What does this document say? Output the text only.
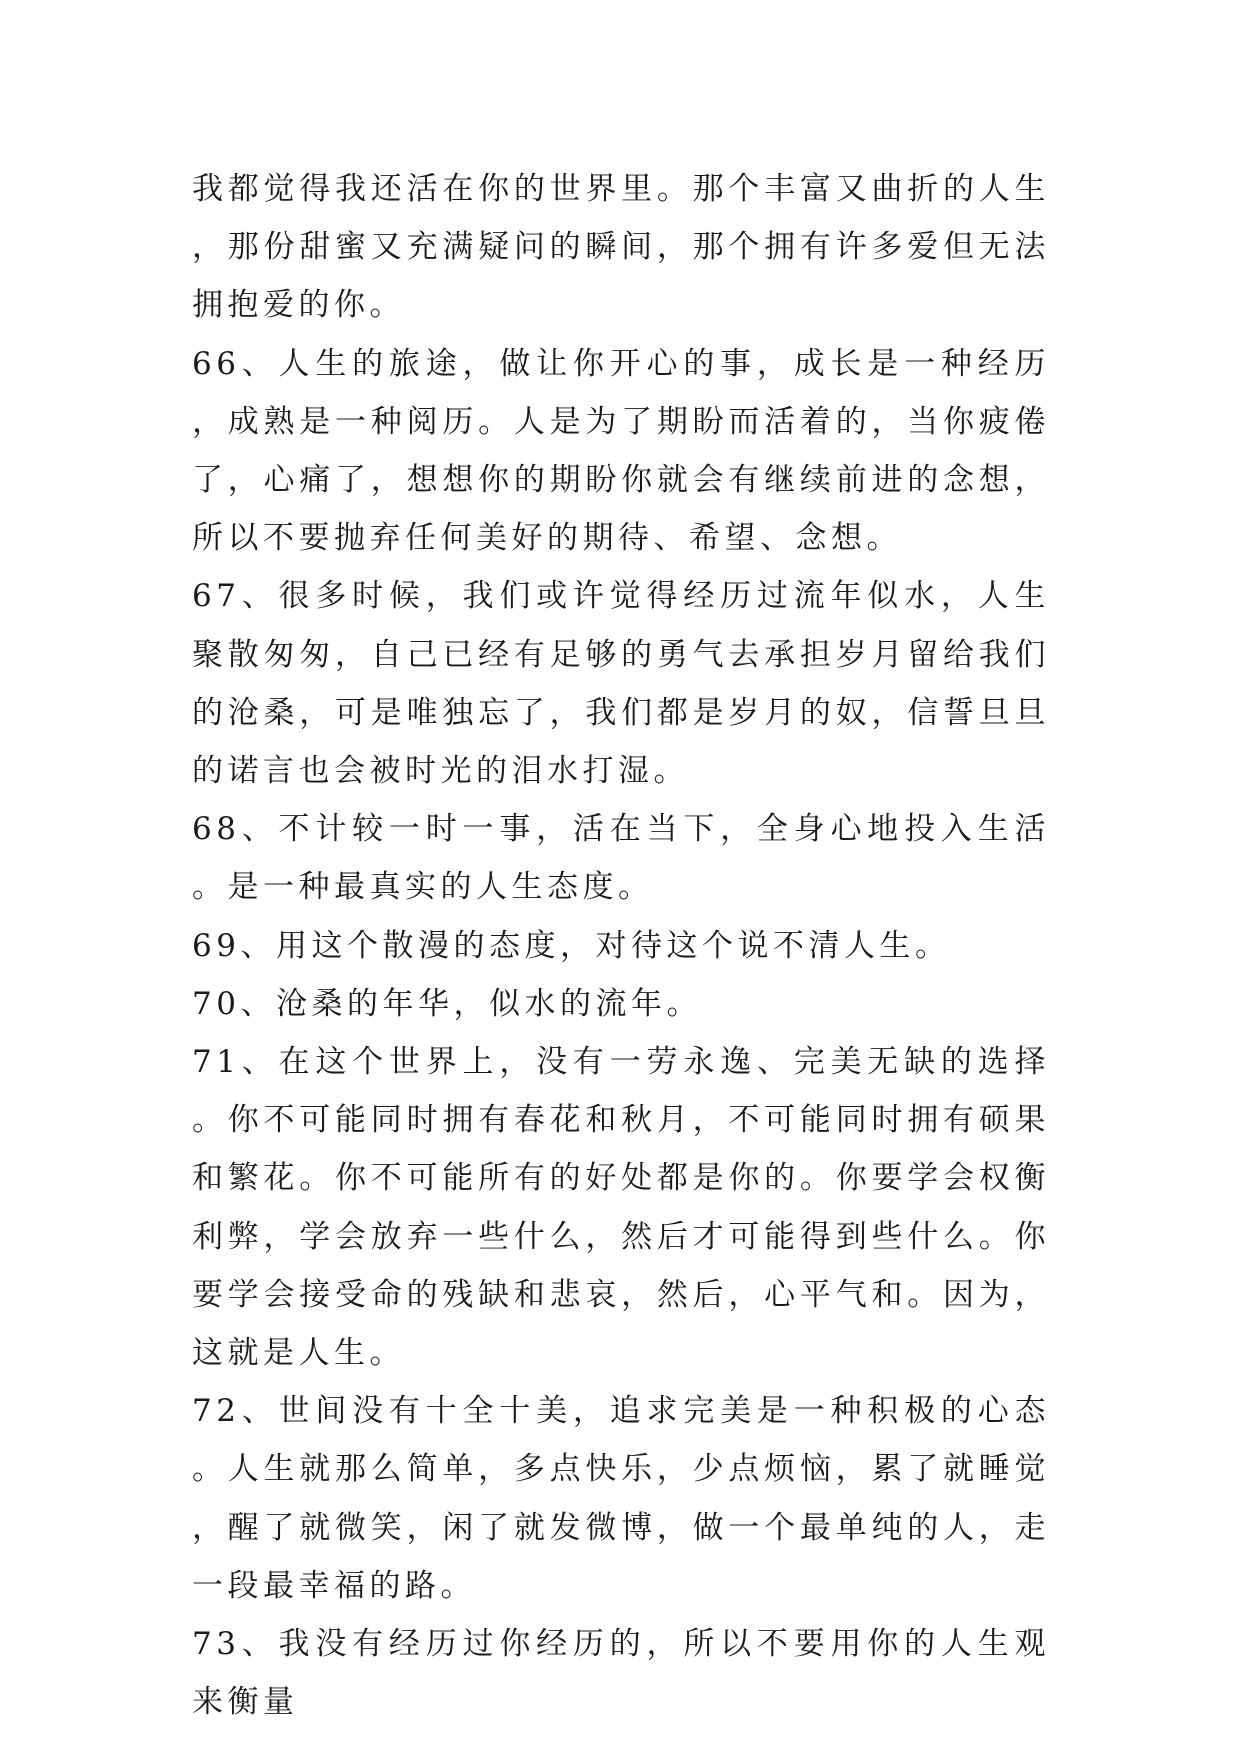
我都觉得我还活在你的世界里。那个丰富又曲折的人生，那份甜蜜又充满疑问的瞬间，那个拥有许多爱但无法拥抱爱的你。

66、人生的旅途，做让你开心的事，成长是一种经历，成熟是一种阅历。人是为了期盼而活着的，当你疲倦了，心痛了，想想你的期盼你就会有继续前进的念想，所以不要抛弃任何美好的期待、希望、念想。

67、很多时候，我们或许觉得经历过流年似水，人生聚散匆匆，自己已经有足够的勇气去承担岁月留给我们的沧桑，可是唯独忘了，我们都是岁月的奴，信誓旦旦的诺言也会被时光的泪水打湿。

68、不计较一时一事，活在当下，全身心地投入生活。是一种最真实的人生态度。

69、用这个散漫的态度，对待这个说不清人生。

70、沧桑的年华，似水的流年。

71、在这个世界上，没有一劳永逸、完美无缺的选择。你不可能同时拥有春花和秋月，不可能同时拥有硕果和繁花。你不可能所有的好处都是你的。你要学会权衡利弊，学会放弃一些什么，然后才可能得到些什么。你要学会接受命的残缺和悲哀，然后，心平气和。因为，这就是人生。

72、世间没有十全十美，追求完美是一种积极的心态。人生就那么简单，多点快乐，少点烦恼，累了就睡觉，醒了就微笑，闲了就发微博，做一个最单纯的人，走一段最幸福的路。

73、我没有经历过你经历的，所以不要用你的人生观来衡量
